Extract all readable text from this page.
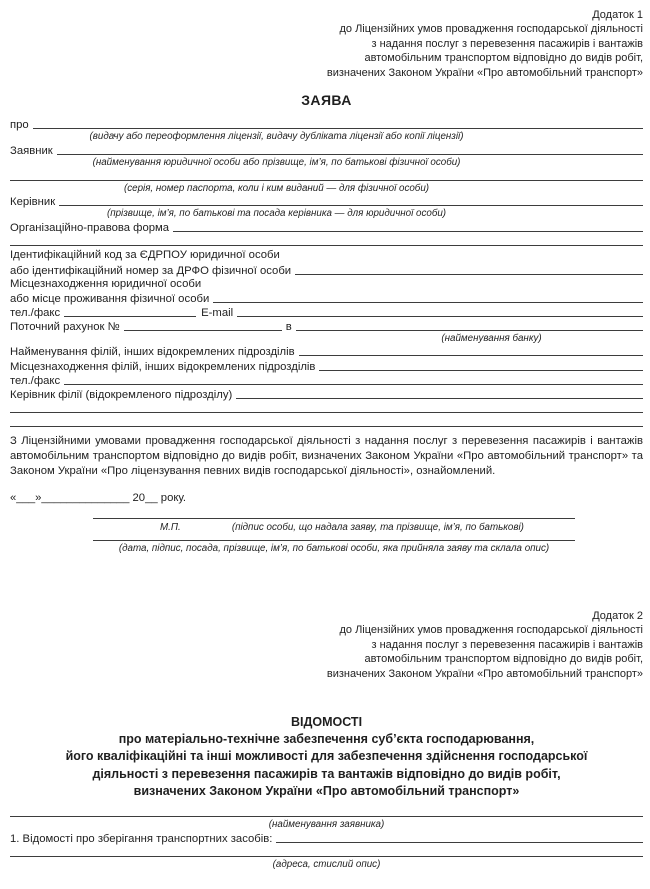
Додаток 1
до Ліцензійних умов провадження господарської діяльності
з надання послуг з перевезення пасажирів і вантажів
автомобільним транспортом відповідно до видів робіт,
визначених Законом України «Про автомобільний транспорт»
ЗАЯВА
про
(видачу або переоформлення ліцензії, видачу дубліката ліцензії або копії ліцензії)
Заявник
(найменування юридичної особи або прізвище, ім’я, по батькові фізичної особи)
(серія, номер паспорта, коли і ким виданий — для фізичної особи)
Керівник
(прізвище, ім’я, по батькові та посада керівника — для юридичної особи)
Організаційно-правова форма
Ідентифікаційний код за ЄДРПОУ юридичної особи
або ідентифікаційний номер за ДРФО фізичної особи
Місцезнаходження юридичної особи
або місце проживання фізичної особи
тел./факс	E-mail
Поточний рахунок №	в
(найменування банку)
Найменування філій, інших відокремлених підрозділів
Місцезнаходження філій, інших відокремлених підрозділів
тел./факс
Керівник філії (відокремленого підрозділу)
З Ліцензійними умовами провадження господарської діяльності з надання послуг з перевезення пасажирів і вантажів автомобільним транспортом відповідно до видів робіт, визначених Законом України «Про автомобільний транспорт» та Законом України «Про ліцензування певних видів господарської діяльності», ознайомлений.
«___»______________ 20__ року.
М.П.	(підпис особи, що надала заяву, та прізвище, ім’я, по батькові)
(дата, підпис, посада, прізвище, ім’я, по батькові особи, яка прийняла заяву та склала опис)
Додаток 2
до Ліцензійних умов провадження господарської діяльності
з надання послуг з перевезення пасажирів і вантажів
автомобільним транспортом відповідно до видів робіт,
визначених Законом України «Про автомобільний транспорт»
ВІДОМОСТІ
про матеріально-технічне забезпечення суб’єкта господарювання,
його кваліфікаційні та інші можливості для забезпечення здійснення господарської
діяльності з перевезення пасажирів та вантажів відповідно до видів робіт,
визначених Законом України «Про автомобільний транспорт»
(найменування заявника)
1. Відомості про зберігання транспортних засобів:
(адреса, стислий опис)
